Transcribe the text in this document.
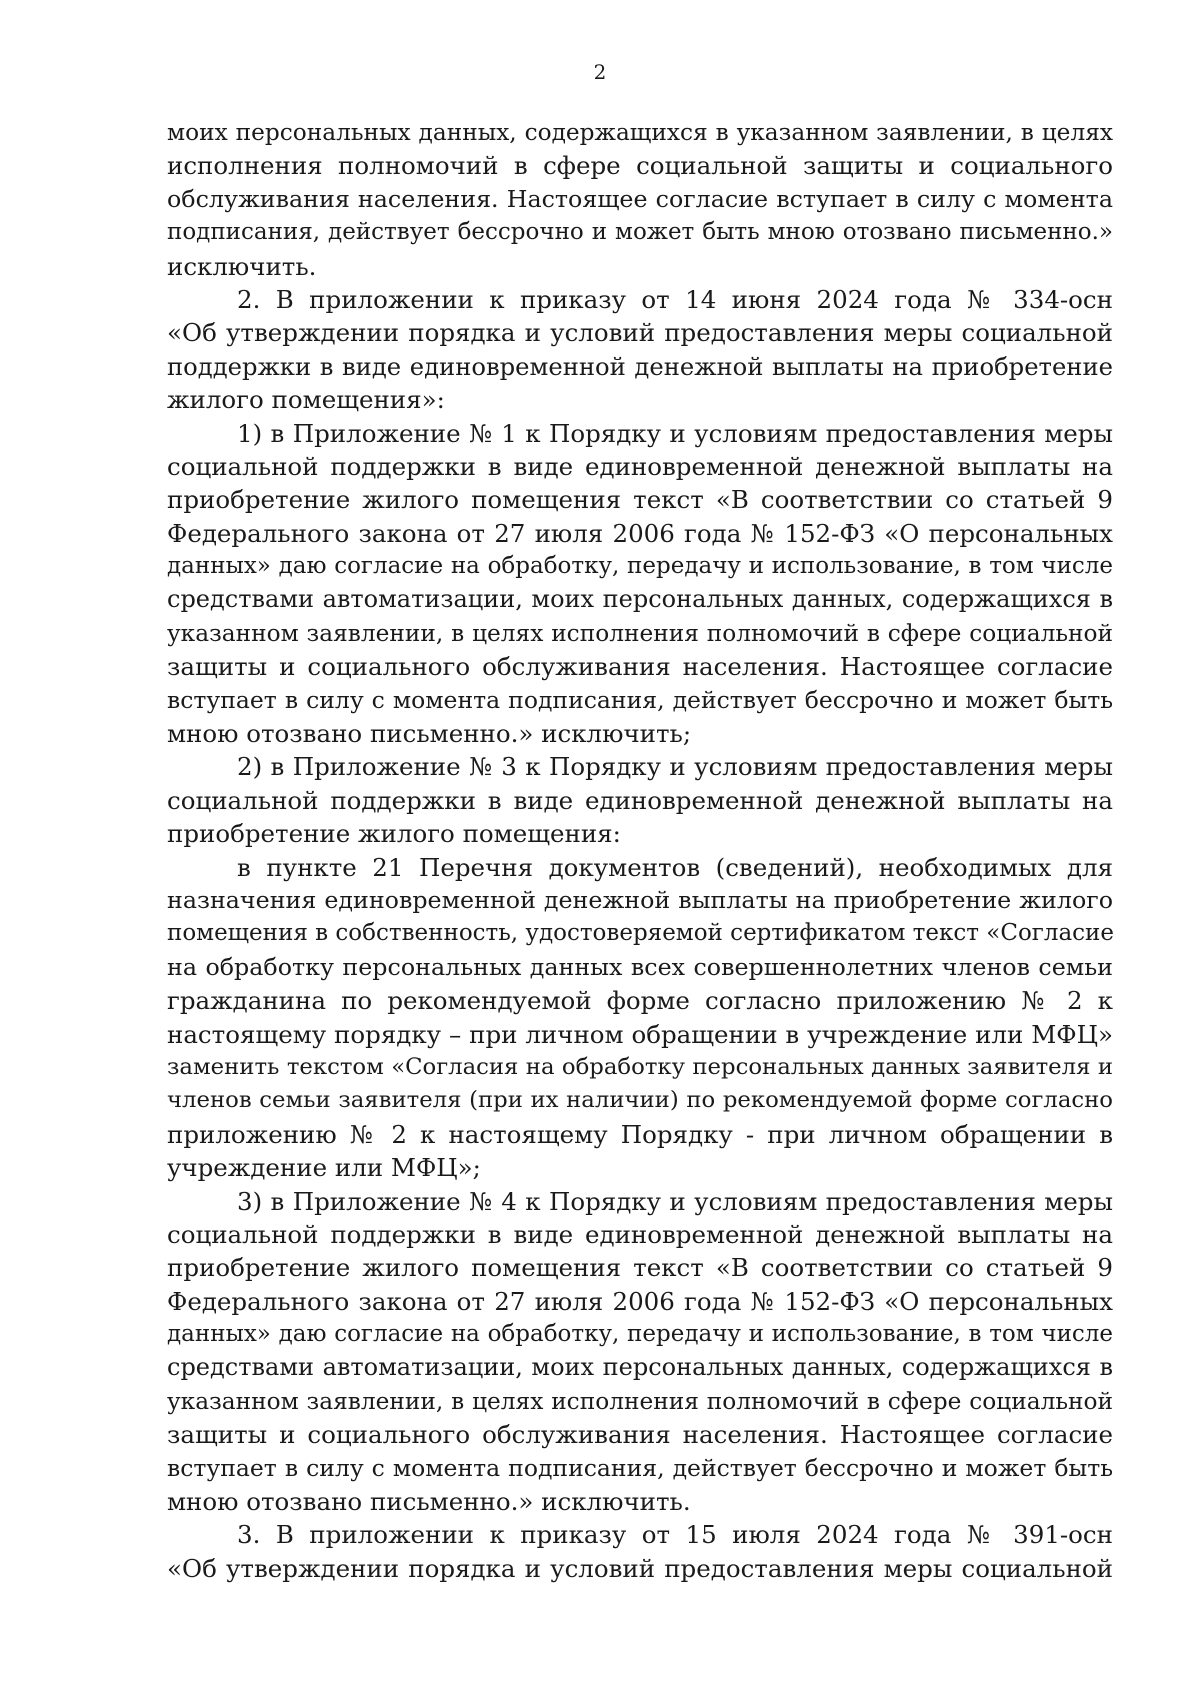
2
моих персональных данных, содержащихся в указанном заявлении, в целях
исполнения полномочий в сфере социальной защиты и социального
обслуживания населения. Настоящее согласие вступает в силу с момента
подписания, действует бессрочно и может быть мною отозвано письменно.»
исключить.
2. В приложении к приказу от 14 июня 2024 года № 334-осн
«Об утверждении порядка и условий предоставления меры социальной
поддержки в виде единовременной денежной выплаты на приобретение
жилого помещения»:
1) в Приложение № 1 к Порядку и условиям предоставления меры
социальной поддержки в виде единовременной денежной выплаты на
приобретение жилого помещения текст «В соответствии со статьей 9
Федерального закона от 27 июля 2006 года № 152-ФЗ «О персональных
данных» даю согласие на обработку, передачу и использование, в том числе
средствами автоматизации, моих персональных данных, содержащихся в
указанном заявлении, в целях исполнения полномочий в сфере социальной
защиты и социального обслуживания населения. Настоящее согласие
вступает в силу с момента подписания, действует бессрочно и может быть
мною отозвано письменно.» исключить;
2) в Приложение № 3 к Порядку и условиям предоставления меры
социальной поддержки в виде единовременной денежной выплаты на
приобретение жилого помещения:
в пункте 21 Перечня документов (сведений), необходимых для
назначения единовременной денежной выплаты на приобретение жилого
помещения в собственность, удостоверяемой сертификатом текст «Согласие
на обработку персональных данных всех совершеннолетних членов семьи
гражданина по рекомендуемой форме согласно приложению № 2 к
настоящему порядку – при личном обращении в учреждение или МФЦ»
заменить текстом «Согласия на обработку персональных данных заявителя и
членов семьи заявителя (при их наличии) по рекомендуемой форме согласно
приложению № 2 к настоящему Порядку - при личном обращении в
учреждение или МФЦ»;
3) в Приложение № 4 к Порядку и условиям предоставления меры
социальной поддержки в виде единовременной денежной выплаты на
приобретение жилого помещения текст «В соответствии со статьей 9
Федерального закона от 27 июля 2006 года № 152-ФЗ «О персональных
данных» даю согласие на обработку, передачу и использование, в том числе
средствами автоматизации, моих персональных данных, содержащихся в
указанном заявлении, в целях исполнения полномочий в сфере социальной
защиты и социального обслуживания населения. Настоящее согласие
вступает в силу с момента подписания, действует бессрочно и может быть
мною отозвано письменно.» исключить.
3. В приложении к приказу от 15 июля 2024 года № 391-осн
«Об утверждении порядка и условий предоставления меры социальной
